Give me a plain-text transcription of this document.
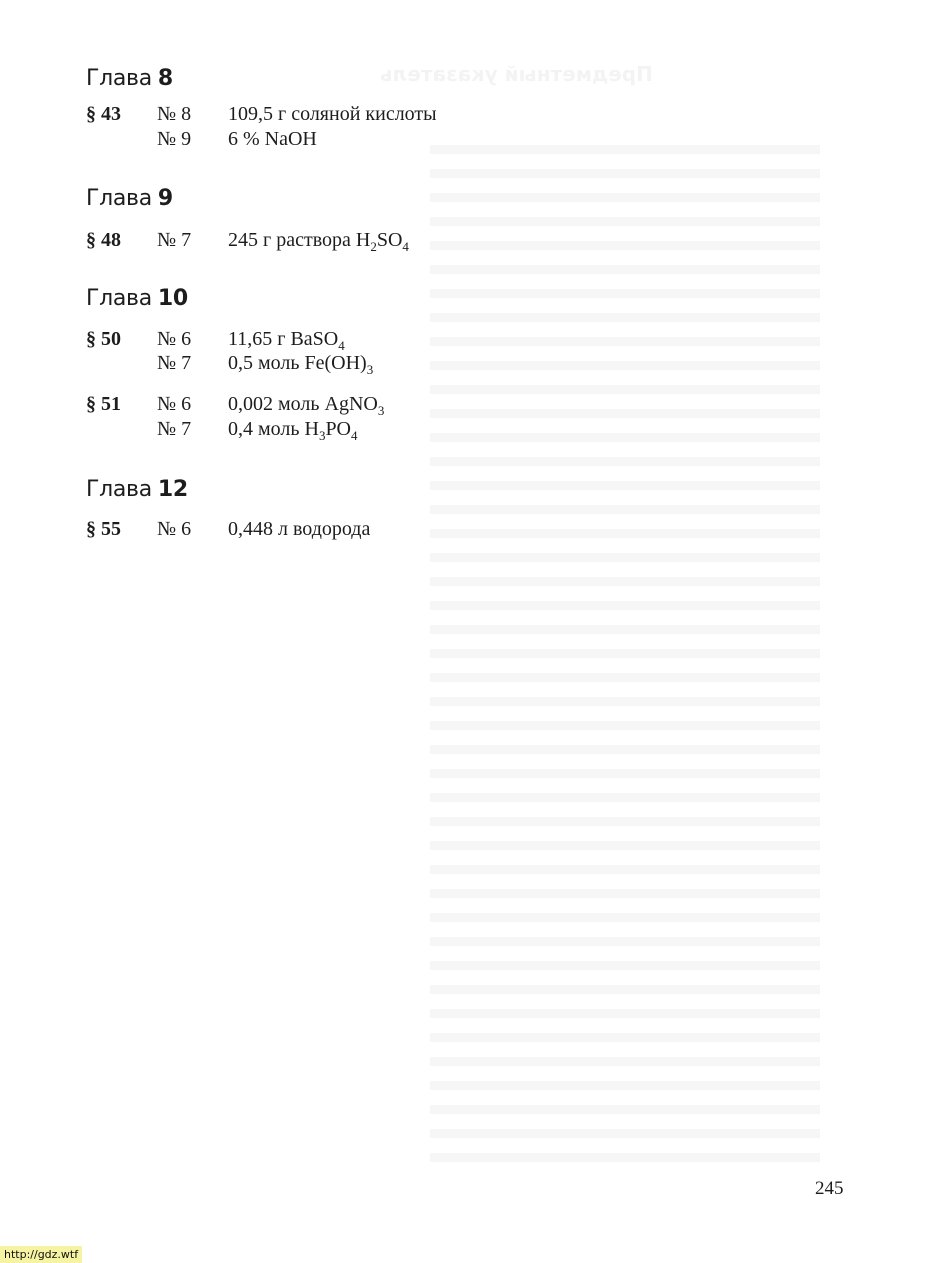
Глава 8
§ 43 № 8 109,5 г соляной кислоты
№ 9 6 % NaOH
Глава 9
§ 48 № 7 245 г раствора $H_2SO_4$
Глава 10
§ 50 № 6 11,65 г BaSO$_4$
№ 7 0,5 моль $Fe(OH)_3$
§ 51 № 6 0,002 моль AgNO$_3$
№ 7 0,4 моль $H_3PO_4$
Глава 12
§ 55 № 6 0,448 л водорода
245
http://gdz.wtf
